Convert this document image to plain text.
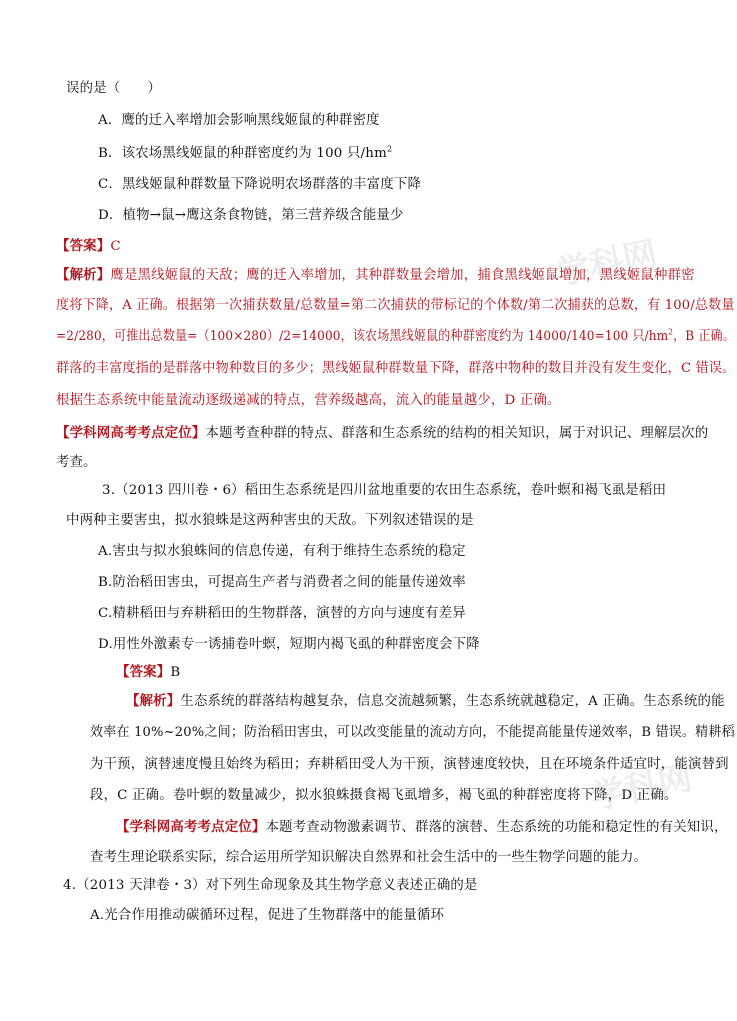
学科网
学科网
误的是（　　）
A．鹰的迁入率增加会影响黑线姬鼠的种群密度
B．该农场黑线姬鼠的种群密度约为 100 只$/hm^2$
C．黑线姬鼠种群数量下降说明农场群落的丰富度下降
D．植物→鼠→鹰这条食物链，第三营养级含能量少
【答案】C
【解析】鹰是黑线姬鼠的天敌；鹰的迁入率增加，其种群数量会增加，捕食黑线姬鼠增加，黑线姬鼠种群密
度将下降，A 正确。根据第一次捕获数量/总数量=第二次捕获的带标记的个体数/第二次捕获的总数，有 100/总数量
=2/280，可推出总数量=（100×280）/2=14000，该农场黑线姬鼠的种群密度约为 14000/140=100 只$/hm^2$，B 正确。
群落的丰富度指的是群落中物种数目的多少；黑线姬鼠种群数量下降，群落中物种的数目并没有发生变化，C 错误。
根据生态系统中能量流动逐级递减的特点，营养级越高，流入的能量越少，D 正确。
【学科网高考考点定位】本题考查种群的特点、群落和生态系统的结构的相关知识，属于对识记、理解层次的
考查。
3.（2013 四川卷・6）稻田生态系统是四川盆地重要的农田生态系统，卷叶螟和褐飞虱是稻田
中两种主要害虫，拟水狼蛛是这两种害虫的天敌。下列叙述错误的是
A.害虫与拟水狼蛛间的信息传递，有利于维持生态系统的稳定
B.防治稻田害虫，可提高生产者与消费者之间的能量传递效率
C.精耕稻田与弃耕稻田的生物群落，演替的方向与速度有差异
D.用性外激素专一诱捕卷叶螟，短期内褐飞虱的种群密度会下降
【答案】B
【解析】生态系统的群落结构越复杂，信息交流越频繁，生态系统就越稳定，A 正确。生态系统的能
效率在 10%~20%之间；防治稻田害虫，可以改变能量的流动方向，不能提高能量传递效率，B 错误。精耕稻
为干预，演替速度慢且始终为稻田；弃耕稻田受人为干预，演替速度较快，且在环境条件适宜时，能演替到
段，C 正确。卷叶螟的数量减少，拟水狼蛛摄食褐飞虱增多，褐飞虱的种群密度将下降，D 正确。
【学科网高考考点定位】本题考查动物激素调节、群落的演替、生态系统的功能和稳定性的有关知识，
查考生理论联系实际，综合运用所学知识解决自然界和社会生活中的一些生物学问题的能力。
4.（2013 天津卷・3）对下列生命现象及其生物学意义表述正确的是
A.光合作用推动碳循环过程，促进了生物群落中的能量循环
